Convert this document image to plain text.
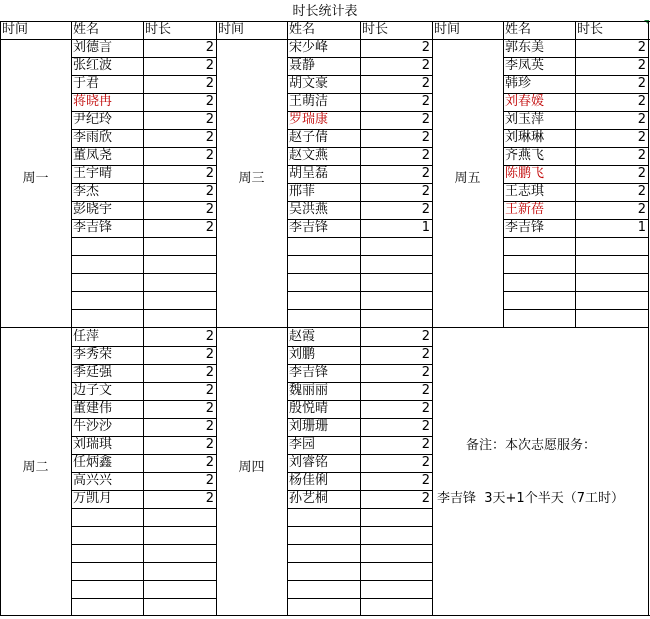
时长统计表
备注：本次志愿服务：
李吉锋  3天+1个半天（7工时）
时间	姓名	时长	时间	姓名	时长	时间	姓名	时长
周一
刘德言	2
张红波	2
于君	2
蒋晓冉	2
尹纪玲	2
李雨欣	2
董凤尧	2
王宇晴	2
李杰	2
彭晓宇	2
李吉锋	2
周三
宋少峰	2
聂静	2
胡文豪	2
王萌洁	2
罗瑞康	2
赵子倩	2
赵文燕	2
胡呈磊	2
邢菲	2
吴洪燕	2
李吉锋	1
周五
郭东美	2
李凤英	2
韩珍	2
刘春媛	2
刘玉萍	2
刘琳琳	2
齐燕飞	2
陈鹏飞	2
王志琪	2
王新蓓	2
李吉锋	1
周二
任萍	2
李秀荣	2
季廷强	2
边子文	2
董建伟	2
牛沙沙	2
刘瑞琪	2
任炳鑫	2
高兴兴	2
万凯月	2
周四
赵霞	2
刘鹏	2
李吉锋	2
魏丽丽	2
殷悦晴	2
刘珊珊	2
李园	2
刘睿铭	2
杨佳俐	2
孙艺桐	2
